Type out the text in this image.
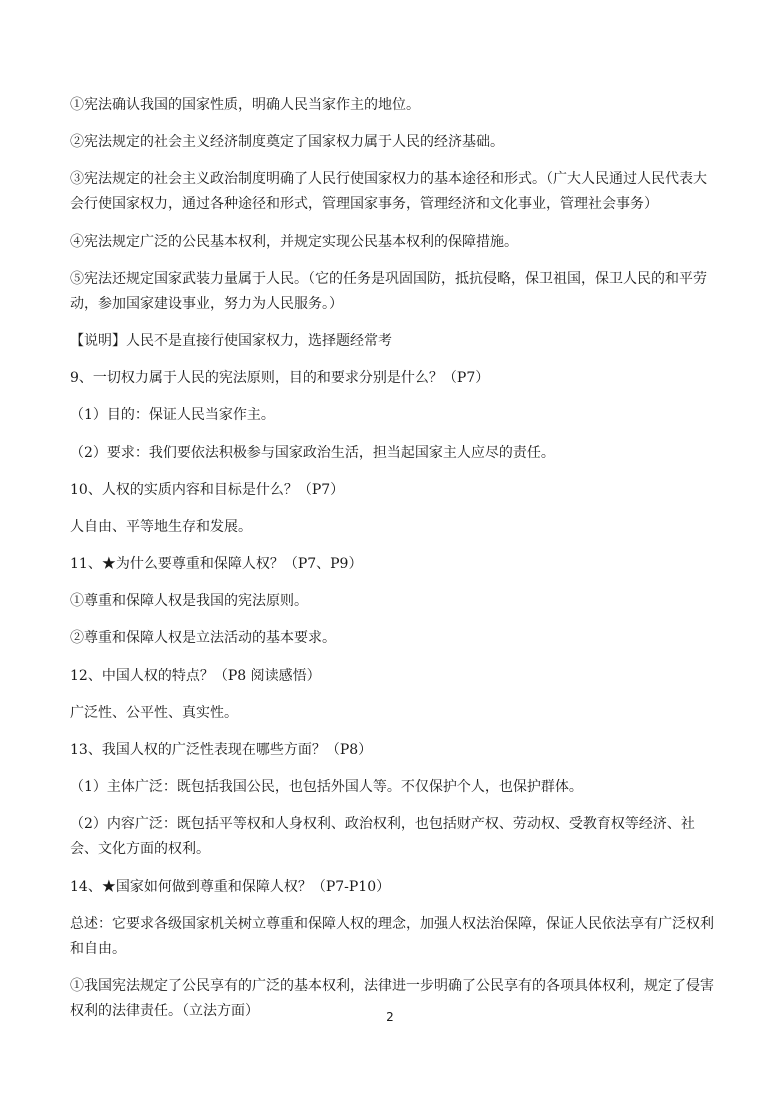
①宪法确认我国的国家性质，明确人民当家作主的地位。

②宪法规定的社会主义经济制度奠定了国家权力属于人民的经济基础。

③宪法规定的社会主义政治制度明确了人民行使国家权力的基本途径和形式。（广大人民通过人民代表大会行使国家权力，通过各种途径和形式，管理国家事务，管理经济和文化事业，管理社会事务）

④宪法规定广泛的公民基本权利，并规定实现公民基本权利的保障措施。

⑤宪法还规定国家武装力量属于人民。（它的任务是巩固国防，抵抗侵略，保卫祖国，保卫人民的和平劳动，参加国家建设事业，努力为人民服务。）

【说明】人民不是直接行使国家权力，选择题经常考

9、一切权力属于人民的宪法原则，目的和要求分别是什么？（P7）

（1）目的：保证人民当家作主。

（2）要求：我们要依法积极参与国家政治生活，担当起国家主人应尽的责任。

10、人权的实质内容和目标是什么？（P7）

人自由、平等地生存和发展。

11、★为什么要尊重和保障人权？（P7、P9）

①尊重和保障人权是我国的宪法原则。

②尊重和保障人权是立法活动的基本要求。

12、中国人权的特点？（P8 阅读感悟）

广泛性、公平性、真实性。

13、我国人权的广泛性表现在哪些方面？（P8）

（1）主体广泛：既包括我国公民，也包括外国人等。不仅保护个人，也保护群体。

（2）内容广泛：既包括平等权和人身权利、政治权利，也包括财产权、劳动权、受教育权等经济、社会、文化方面的权利。

14、★国家如何做到尊重和保障人权？（P7-P10）

总述：它要求各级国家机关树立尊重和保障人权的理念，加强人权法治保障，保证人民依法享有广泛权利和自由。

①我国宪法规定了公民享有的广泛的基本权利，法律进一步明确了公民享有的各项具体权利，规定了侵害权利的法律责任。（立法方面）	2
